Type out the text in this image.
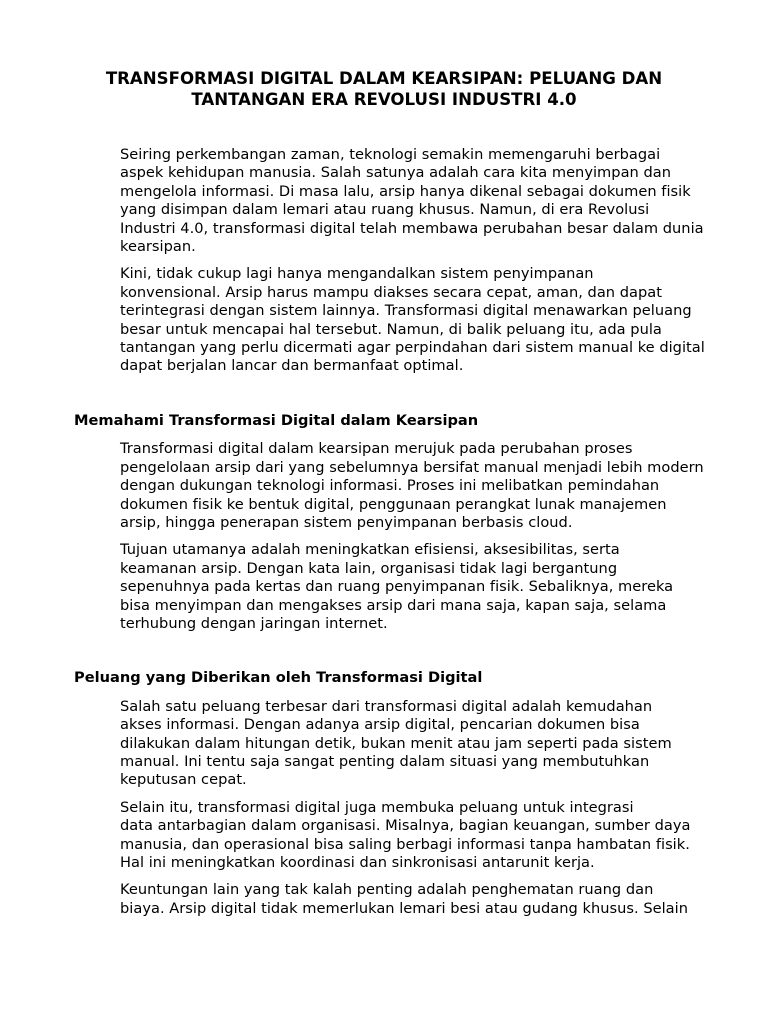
TRANSFORMASI DIGITAL DALAM KEARSIPAN: PELUANG DAN
TANTANGAN ERA REVOLUSI INDUSTRI 4.0

Seiring perkembangan zaman, teknologi semakin memengaruhi berbagai
aspek kehidupan manusia. Salah satunya adalah cara kita menyimpan dan
mengelola informasi. Di masa lalu, arsip hanya dikenal sebagai dokumen fisik
yang disimpan dalam lemari atau ruang khusus. Namun, di era Revolusi
Industri 4.0, transformasi digital telah membawa perubahan besar dalam dunia
kearsipan.

Kini, tidak cukup lagi hanya mengandalkan sistem penyimpanan
konvensional. Arsip harus mampu diakses secara cepat, aman, dan dapat
terintegrasi dengan sistem lainnya. Transformasi digital menawarkan peluang
besar untuk mencapai hal tersebut. Namun, di balik peluang itu, ada pula
tantangan yang perlu dicermati agar perpindahan dari sistem manual ke digital
dapat berjalan lancar dan bermanfaat optimal.

Memahami Transformasi Digital dalam Kearsipan

Transformasi digital dalam kearsipan merujuk pada perubahan proses
pengelolaan arsip dari yang sebelumnya bersifat manual menjadi lebih modern
dengan dukungan teknologi informasi. Proses ini melibatkan pemindahan
dokumen fisik ke bentuk digital, penggunaan perangkat lunak manajemen
arsip, hingga penerapan sistem penyimpanan berbasis cloud.

Tujuan utamanya adalah meningkatkan efisiensi, aksesibilitas, serta
keamanan arsip. Dengan kata lain, organisasi tidak lagi bergantung
sepenuhnya pada kertas dan ruang penyimpanan fisik. Sebaliknya, mereka
bisa menyimpan dan mengakses arsip dari mana saja, kapan saja, selama
terhubung dengan jaringan internet.

Peluang yang Diberikan oleh Transformasi Digital

Salah satu peluang terbesar dari transformasi digital adalah kemudahan
akses informasi. Dengan adanya arsip digital, pencarian dokumen bisa
dilakukan dalam hitungan detik, bukan menit atau jam seperti pada sistem
manual. Ini tentu saja sangat penting dalam situasi yang membutuhkan
keputusan cepat.

Selain itu, transformasi digital juga membuka peluang untuk integrasi
data antarbagian dalam organisasi. Misalnya, bagian keuangan, sumber daya
manusia, dan operasional bisa saling berbagi informasi tanpa hambatan fisik.
Hal ini meningkatkan koordinasi dan sinkronisasi antarunit kerja.

Keuntungan lain yang tak kalah penting adalah penghematan ruang dan
biaya. Arsip digital tidak memerlukan lemari besi atau gudang khusus. Selain
